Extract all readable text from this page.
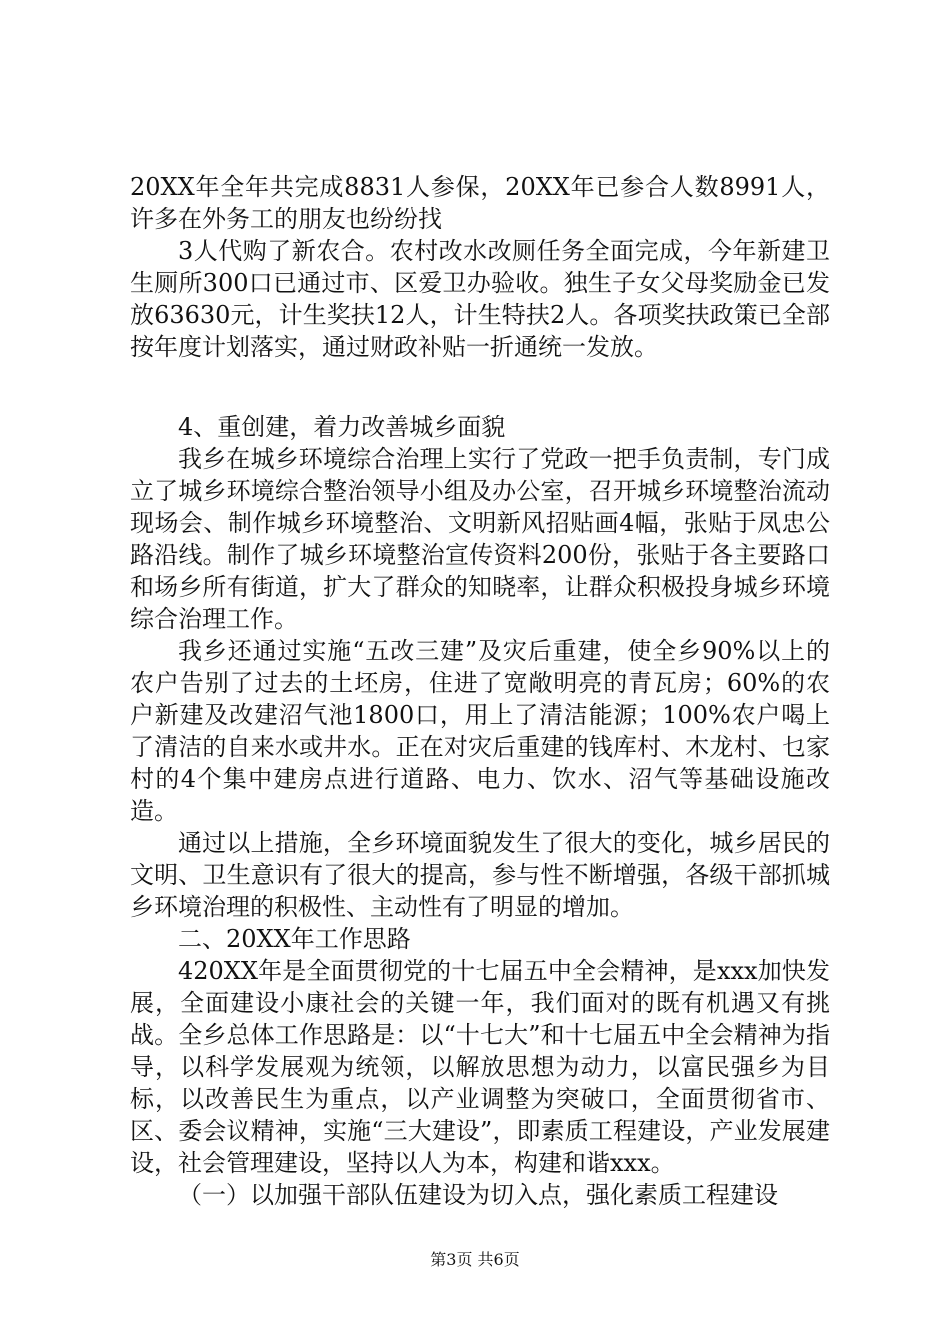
20XX年全年共完成8831人参保，20XX年已参合人数8991人，许多在外务工的朋友也纷纷找

3人代购了新农合。农村改水改厕任务全面完成，今年新建卫生厕所300口已通过市、区爱卫办验收。独生子女父母奖励金已发放63630元，计生奖扶12人，计生特扶2人。各项奖扶政策已全部按年度计划落实，通过财政补贴一折通统一发放。

4、重创建，着力改善城乡面貌

我乡在城乡环境综合治理上实行了党政一把手负责制，专门成立了城乡环境综合整治领导小组及办公室，召开城乡环境整治流动现场会、制作城乡环境整治、文明新风招贴画4幅，张贴于凤忠公路沿线。制作了城乡环境整治宣传资料200份，张贴于各主要路口和场乡所有街道，扩大了群众的知晓率，让群众积极投身城乡环境综合治理工作。

我乡还通过实施“五改三建”及灾后重建，使全乡90%以上的农户告别了过去的土坯房，住进了宽敞明亮的青瓦房；60%的农户新建及改建沼气池1800口，用上了清洁能源；100%农户喝上了清洁的自来水或井水。正在对灾后重建的钱库村、木龙村、乜家村的4个集中建房点进行道路、电力、饮水、沼气等基础设施改造。

通过以上措施，全乡环境面貌发生了很大的变化，城乡居民的文明、卫生意识有了很大的提高，参与性不断增强，各级干部抓城乡环境治理的积极性、主动性有了明显的增加。

二、20XX年工作思路

420XX年是全面贯彻党的十七届五中全会精神，是xxx加快发展，全面建设小康社会的关键一年，我们面对的既有机遇又有挑战。全乡总体工作思路是：以“十七大”和十七届五中全会精神为指导，以科学发展观为统领，以解放思想为动力，以富民强乡为目标，以改善民生为重点，以产业调整为突破口，全面贯彻省市、区、委会议精神，实施“三大建设”，即素质工程建设，产业发展建设，社会管理建设，坚持以人为本，构建和谐xxx。

（一）以加强干部队伍建设为切入点，强化素质工程建设

第3页 共6页
